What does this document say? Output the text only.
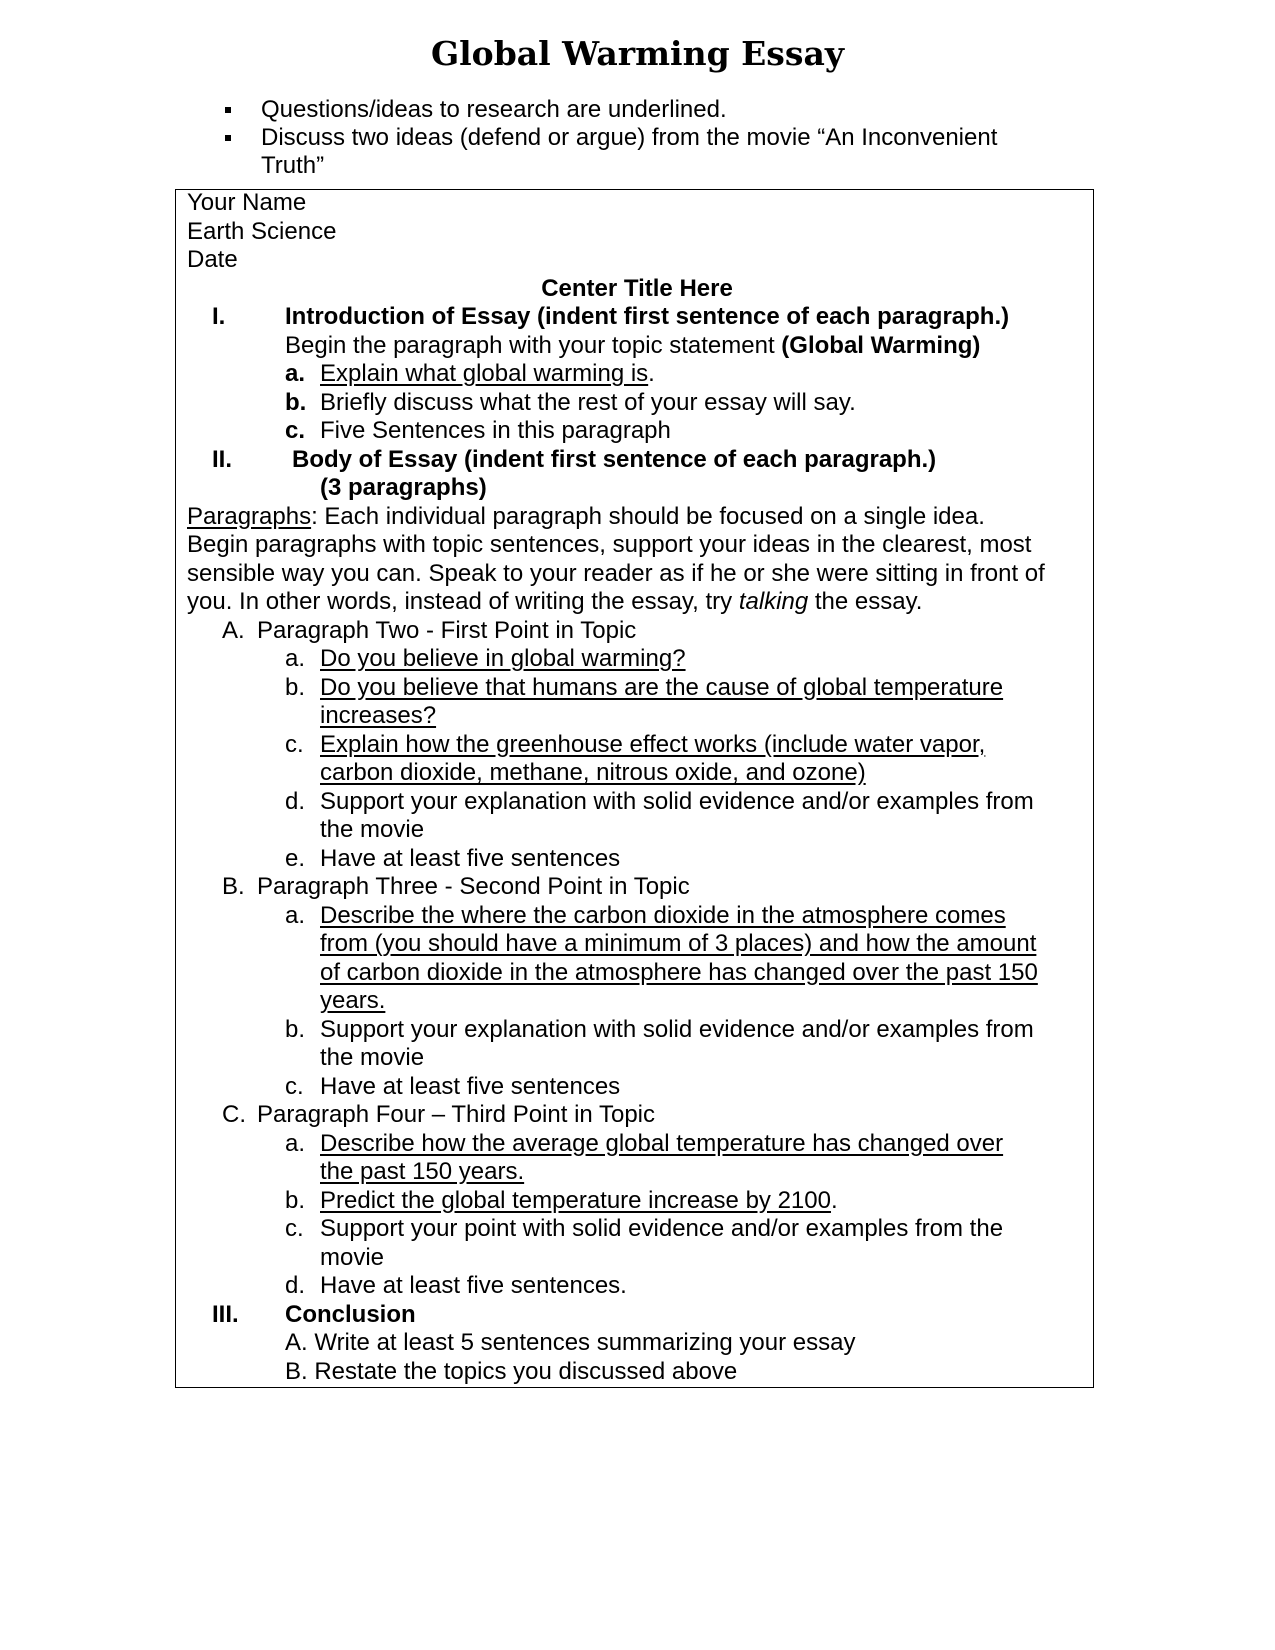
Global Warming Essay
Questions/ideas to research are underlined.
Discuss two ideas (defend or argue) from the movie “An Inconvenient
Truth”
Your Name
Earth Science
Date
Center Title Here
I. Introduction of Essay (indent first sentence of each paragraph.)
Begin the paragraph with your topic statement (Global Warming)
a. Explain what global warming is.
b. Briefly discuss what the rest of your essay will say.
c. Five Sentences in this paragraph
II. Body of Essay (indent first sentence of each paragraph.)
(3 paragraphs)
Paragraphs: Each individual paragraph should be focused on a single idea.
Begin paragraphs with topic sentences, support your ideas in the clearest, most
sensible way you can. Speak to your reader as if he or she were sitting in front of
you. In other words, instead of writing the essay, try talking the essay.
A. Paragraph Two - First Point in Topic
a. Do you believe in global warming?
b. Do you believe that humans are the cause of global temperature
increases?
c. Explain how the greenhouse effect works (include water vapor,
carbon dioxide, methane, nitrous oxide, and ozone)
d. Support your explanation with solid evidence and/or examples from
the movie
e. Have at least five sentences
B. Paragraph Three - Second Point in Topic
a. Describe the where the carbon dioxide in the atmosphere comes
from (you should have a minimum of 3 places) and how the amount
of carbon dioxide in the atmosphere has changed over the past 150
years.
b. Support your explanation with solid evidence and/or examples from
the movie
c. Have at least five sentences
C. Paragraph Four – Third Point in Topic
a. Describe how the average global temperature has changed over
the past 150 years.
b. Predict the global temperature increase by 2100.
c. Support your point with solid evidence and/or examples from the
movie
d. Have at least five sentences.
III. Conclusion
A. Write at least 5 sentences summarizing your essay
B. Restate the topics you discussed above
